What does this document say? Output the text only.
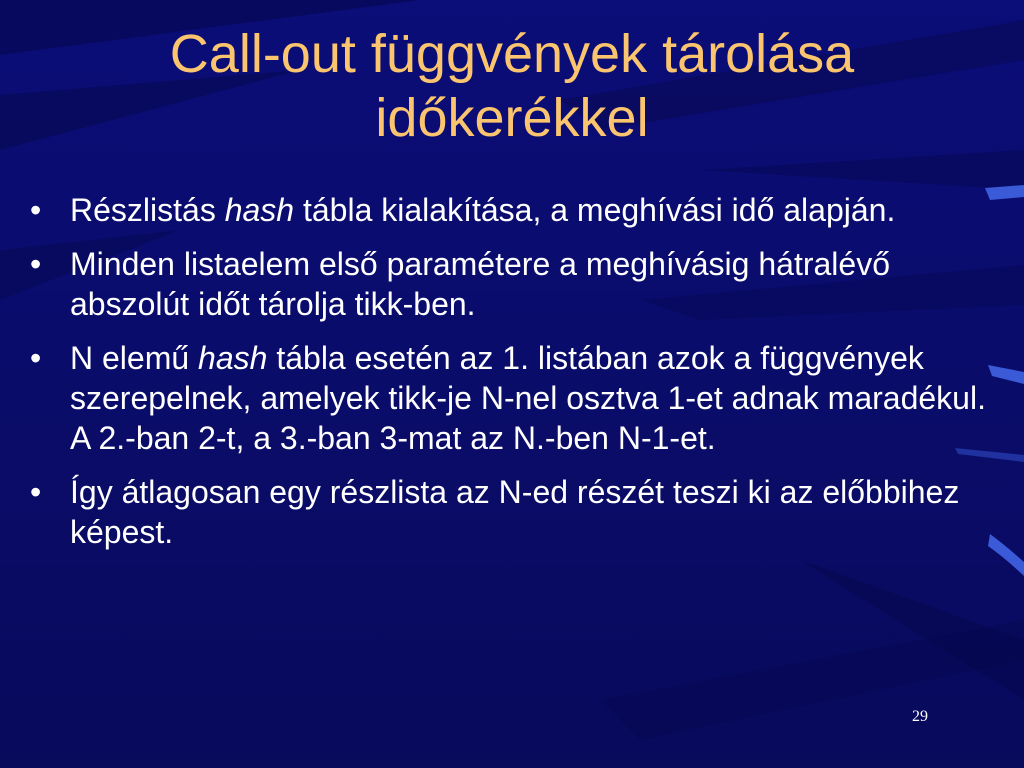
Call-out függvények tárolása
időkerékkel
• Részlistás hash tábla kialakítása, a meghívási idő alapján.
• Minden listaelem első paramétere a meghívásig hátralévő abszolút időt tárolja tikk-ben.
• N elemű hash tábla esetén az 1. listában azok a függvények szerepelnek, amelyek tikk-je N-nel osztva 1-et adnak maradékul. A 2.-ban 2-t, a 3.-ban 3-mat az N.-ben N-1-et.
• Így átlagosan egy részlista az N-ed részét teszi ki az előbbihez képest.
29
